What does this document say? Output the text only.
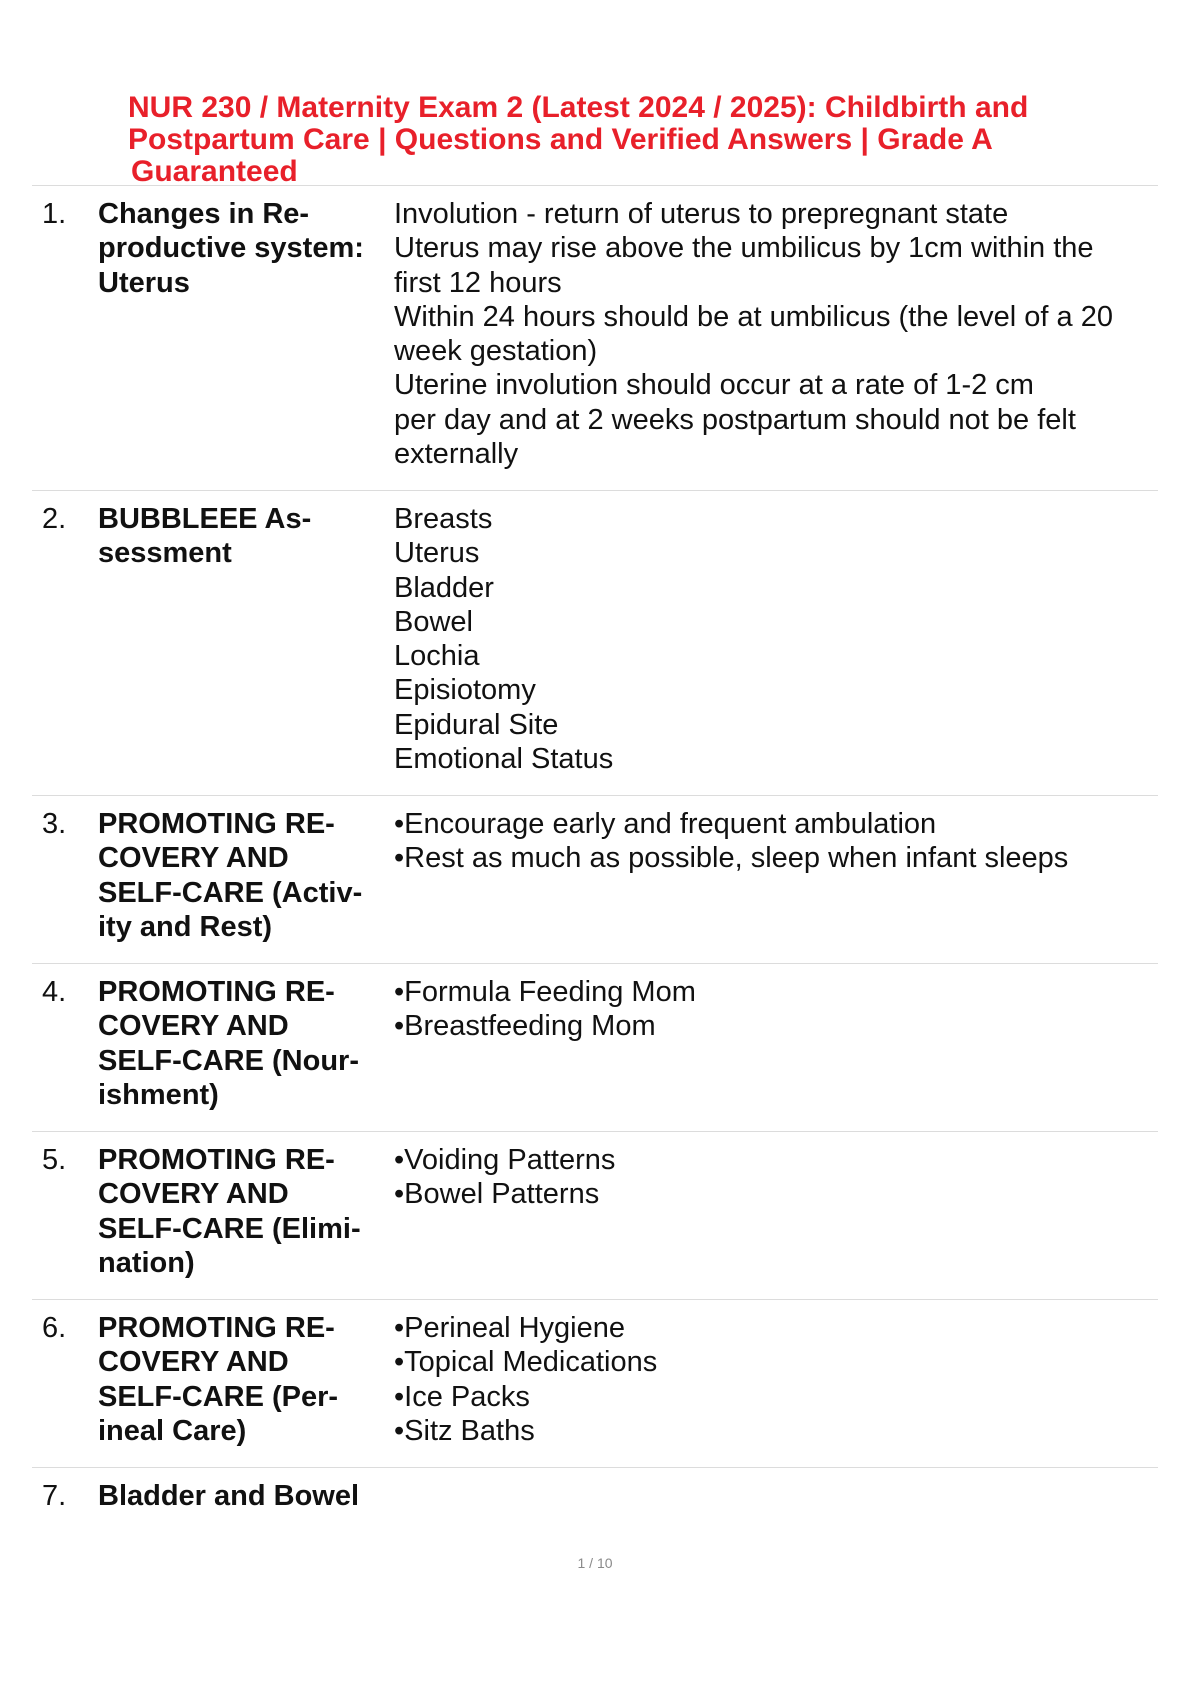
NUR 230 / Maternity Exam 2 (Latest 2024 / 2025): Childbirth and
Postpartum Care | Questions and Verified Answers | Grade A
Guaranteed
1. Changes in Re-
productive system:
Uterus
Involution - return of uterus to prepregnant state
Uterus may rise above the umbilicus by 1cm within the
first 12 hours
Within 24 hours should be at umbilicus (the level of a 20
week gestation)
Uterine involution should occur at a rate of 1-2 cm
per day and at 2 weeks postpartum should not be felt
externally
2. BUBBLEEE As-
sessment
Breasts
Uterus
Bladder
Bowel
Lochia
Episiotomy
Epidural Site
Emotional Status
3. PROMOTING RE-
COVERY AND
SELF-CARE (Activ-
ity and Rest)
•Encourage early and frequent ambulation
•Rest as much as possible, sleep when infant sleeps
4. PROMOTING RE-
COVERY AND
SELF-CARE (Nour-
ishment)
•Formula Feeding Mom
•Breastfeeding Mom
5. PROMOTING RE-
COVERY AND
SELF-CARE (Elimi-
nation)
•Voiding Patterns
•Bowel Patterns
6. PROMOTING RE-
COVERY AND
SELF-CARE (Per-
ineal Care)
•Perineal Hygiene
•Topical Medications
•Ice Packs
•Sitz Baths
7. Bladder and Bowel
1 / 10
